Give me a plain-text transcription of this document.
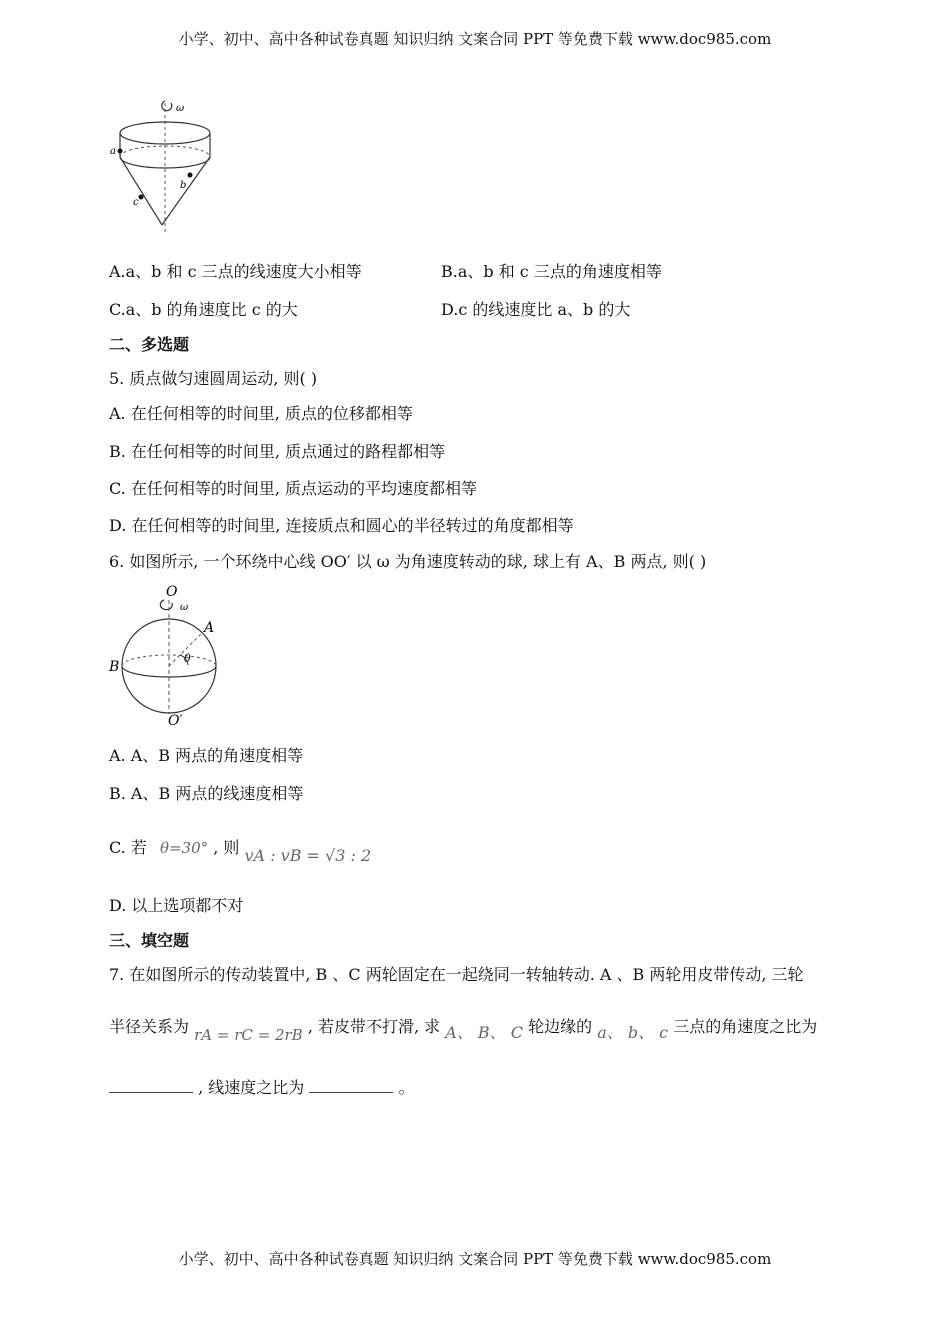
小学、初中、高中各种试卷真题 知识归纳 文案合同 PPT 等免费下载 www.doc985.com
ω
a
b
c
A.a、b 和 c 三点的线速度大小相等	B.a、b 和 c 三点的角速度相等
C.a、b 的角速度比 c 的大	D.c 的线速度比 a、b 的大
二、多选题
5. 质点做匀速圆周运动, 则( )
A. 在任何相等的时间里, 质点的位移都相等
B. 在任何相等的时间里, 质点通过的路程都相等
C. 在任何相等的时间里, 质点运动的平均速度都相等
D. 在任何相等的时间里, 连接质点和圆心的半径转过的角度都相等
6. 如图所示, 一个环绕中心线 OO′ 以 ω 为角速度转动的球, 球上有 A、B 两点, 则( )
O
ω
θ
A
B
O′
A. A、B 两点的角速度相等
B. A、B 两点的线速度相等
C. 若 θ=30° , 则 vA : vB = √3 : 2
D. 以上选项都不对
三、填空题
7. 在如图所示的传动装置中, B 、C 两轮固定在一起绕同一转轴转动. A 、B 两轮用皮带传动, 三轮
半径关系为 rA = rC = 2rB , 若皮带不打滑, 求 A、 B、 C 轮边缘的 a、 b、 c 三点的角速度之比为
, 线速度之比为	。
小学、初中、高中各种试卷真题 知识归纳 文案合同 PPT 等免费下载 www.doc985.com
